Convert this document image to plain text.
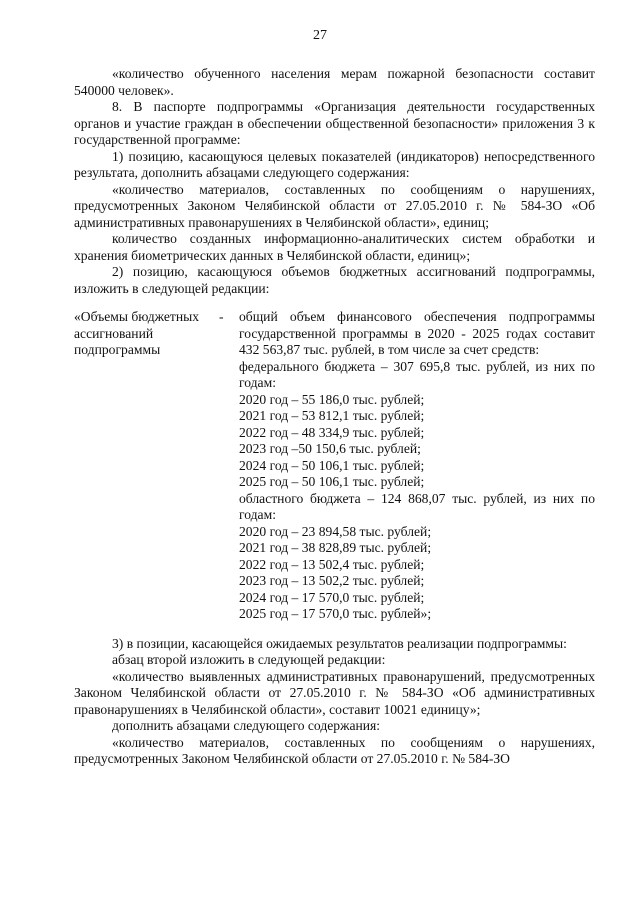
27

«количество обученного населения мерам пожарной безопасности составит 540000 человек».

8. В паспорте подпрограммы «Организация деятельности государственных органов и участие граждан в обеспечении общественной безопасности» приложения 3 к государственной программе:

1) позицию, касающуюся целевых показателей (индикаторов) непосредственного результата, дополнить абзацами следующего содержания:

«количество материалов, составленных по сообщениям о нарушениях, предусмотренных Законом Челябинской области от 27.05.2010 г. № 584-ЗО «Об административных правонарушениях в Челябинской области», единиц;

количество созданных информационно-аналитических систем обработки и хранения биометрических данных в Челябинской области, единиц»;

2) позицию, касающуюся объемов бюджетных ассигнований подпрограммы, изложить в следующей редакции:

«Объемы бюджетных ассигнований подпрограммы
-	общий объем финансового обеспечения подпрограммы государственной программы в 2020 - 2025 годах составит 432 563,87 тыс. рублей, в том числе за счет средств:
федерального бюджета – 307 695,8 тыс. рублей, из них по годам:
2020 год – 55 186,0 тыс. рублей;
2021 год – 53 812,1 тыс. рублей;
2022 год – 48 334,9 тыс. рублей;
2023 год –50 150,6 тыс. рублей;
2024 год – 50 106,1 тыс. рублей;
2025 год – 50 106,1 тыс. рублей;
областного бюджета – 124 868,07 тыс. рублей, из них по годам:
2020 год – 23 894,58 тыс. рублей;
2021 год – 38 828,89 тыс. рублей;
2022 год – 13 502,4 тыс. рублей;
2023 год – 13 502,2 тыс. рублей;
2024 год – 17 570,0 тыс. рублей;
2025 год – 17 570,0 тыс. рублей»;

3) в позиции, касающейся ожидаемых результатов реализации подпрограммы:

абзац второй изложить в следующей редакции:

«количество выявленных административных правонарушений, предусмотренных Законом Челябинской области от 27.05.2010 г. № 584-ЗО «Об административных правонарушениях в Челябинской области», составит 10021 единицу»;

дополнить абзацами следующего содержания:

«количество материалов, составленных по сообщениям о нарушениях, предусмотренных Законом Челябинской области от 27.05.2010 г. № 584-ЗО
